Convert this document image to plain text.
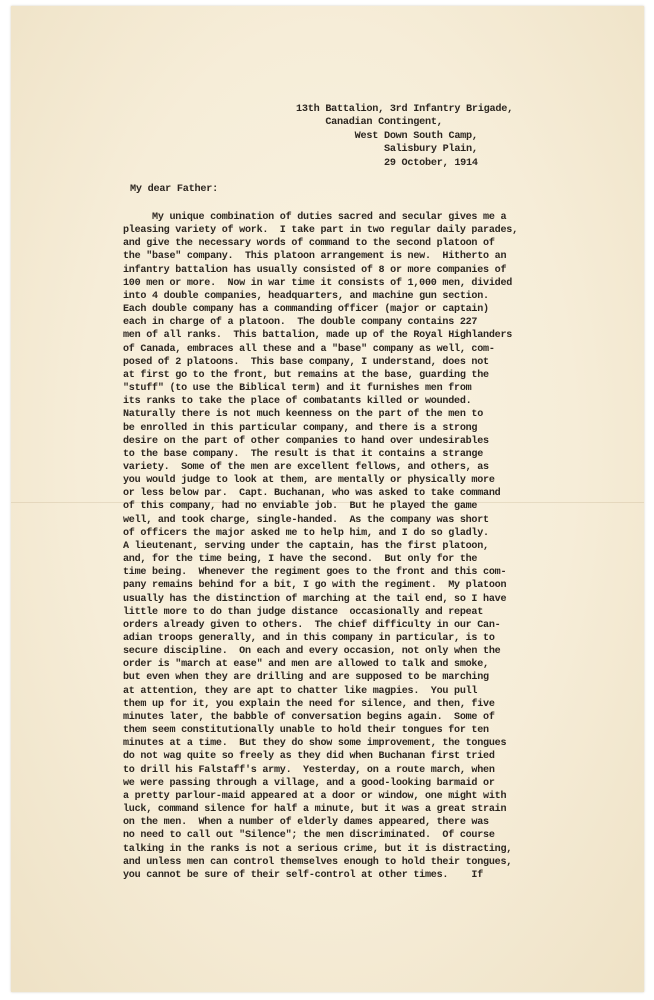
13th Battalion, 3rd Infantry Brigade,
Canadian Contingent,
West Down South Camp,
Salisbury Plain,
29 October, 1914
My dear Father:
My unique combination of duties sacred and secular gives me a
pleasing variety of work.  I take part in two regular daily parades,
and give the necessary words of command to the second platoon of
the "base" company.  This platoon arrangement is new.  Hitherto an
infantry battalion has usually consisted of 8 or more companies of
100 men or more.  Now in war time it consists of 1,000 men, divided
into 4 double companies, headquarters, and machine gun section.
Each double company has a commanding officer (major or captain)
each in charge of a platoon.  The double company contains 227
men of all ranks.  This battalion, made up of the Royal Highlanders
of Canada, embraces all these and a "base" company as well, com-
posed of 2 platoons.  This base company, I understand, does not
at first go to the front, but remains at the base, guarding the
"stuff" (to use the Biblical term) and it furnishes men from
its ranks to take the place of combatants killed or wounded.
Naturally there is not much keenness on the part of the men to
be enrolled in this particular company, and there is a strong
desire on the part of other companies to hand over undesirables
to the base company.  The result is that it contains a strange
variety.  Some of the men are excellent fellows, and others, as
you would judge to look at them, are mentally or physically more
or less below par.  Capt. Buchanan, who was asked to take command
of this company, had no enviable job.  But he played the game
well, and took charge, single-handed.  As the company was short
of officers the major asked me to help him, and I do so gladly.
A lieutenant, serving under the captain, has the first platoon,
and, for the time being, I have the second.  But only for the
time being.  Whenever the regiment goes to the front and this com-
pany remains behind for a bit, I go with the regiment.  My platoon
usually has the distinction of marching at the tail end, so I have
little more to do than judge distance  occasionally and repeat
orders already given to others.  The chief difficulty in our Can-
adian troops generally, and in this company in particular, is to
secure discipline.  On each and every occasion, not only when the
order is "march at ease" and men are allowed to talk and smoke,
but even when they are drilling and are supposed to be marching
at attention, they are apt to chatter like magpies.  You pull
them up for it, you explain the need for silence, and then, five
minutes later, the babble of conversation begins again.  Some of
them seem constitutionally unable to hold their tongues for ten
minutes at a time.  But they do show some improvement, the tongues
do not wag quite so freely as they did when Buchanan first tried
to drill his Falstaff's army.  Yesterday, on a route march, when
we were passing through a village, and a good-looking barmaid or
a pretty parlour-maid appeared at a door or window, one might with
luck, command silence for half a minute, but it was a great strain
on the men.  When a number of elderly dames appeared, there was
no need to call out "Silence"; the men discriminated.  Of course
talking in the ranks is not a serious crime, but it is distracting,
and unless men can control themselves enough to hold their tongues,
you cannot be sure of their self-control at other times.    If
